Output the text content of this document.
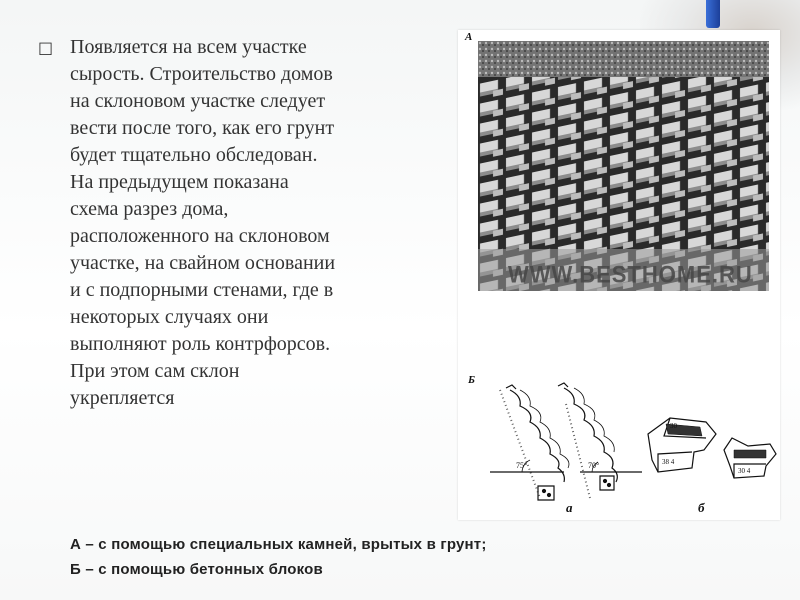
□ Появляется на всем участке
сырость. Строительство домов
на склоновом участке следует
вести после того, как его грунт
будет тщательно обследован.
На предыдущем показана
схема разрез дома,
расположенного на склоновом
участке, на свайном основании
и с подпорными стенами, где в
некоторых случаях они
выполняют роль контрфорсов.
При этом сам склон
укрепляется
А
WWW.BESTHOME.RU
Б
75°	70°	38 4
30
30 4
а	б
А – с помощью специальных камней, врытых в грунт;
Б – с помощью бетонных блоков
